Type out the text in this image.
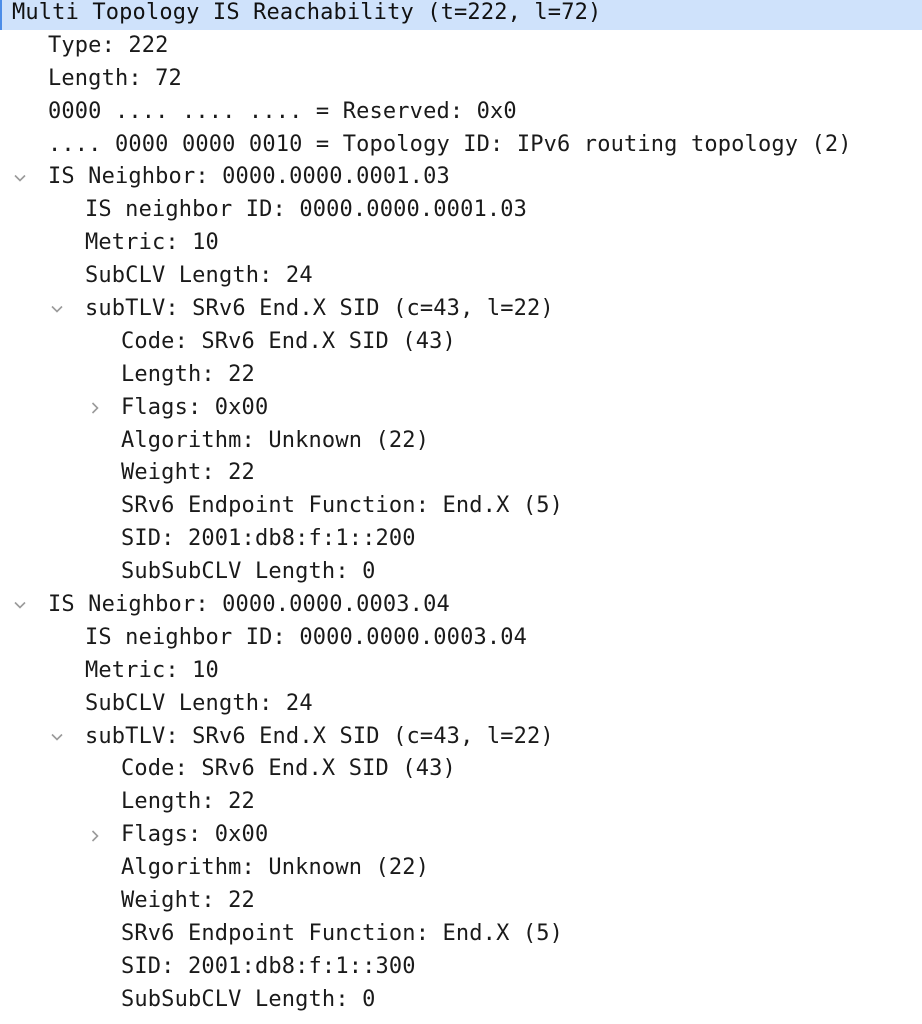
Multi Topology IS Reachability (t=222, l=72)
Type: 222
Length: 72
0000 .... .... .... = Reserved: 0x0
.... 0000 0000 0010 = Topology ID: IPv6 routing topology (2)
IS Neighbor: 0000.0000.0001.03
IS neighbor ID: 0000.0000.0001.03
Metric: 10
SubCLV Length: 24
subTLV: SRv6 End.X SID (c=43, l=22)
Code: SRv6 End.X SID (43)
Length: 22
Flags: 0x00
Algorithm: Unknown (22)
Weight: 22
SRv6 Endpoint Function: End.X (5)
SID: 2001:db8:f:1::200
SubSubCLV Length: 0
IS Neighbor: 0000.0000.0003.04
IS neighbor ID: 0000.0000.0003.04
Metric: 10
SubCLV Length: 24
subTLV: SRv6 End.X SID (c=43, l=22)
Code: SRv6 End.X SID (43)
Length: 22
Flags: 0x00
Algorithm: Unknown (22)
Weight: 22
SRv6 Endpoint Function: End.X (5)
SID: 2001:db8:f:1::300
SubSubCLV Length: 0
